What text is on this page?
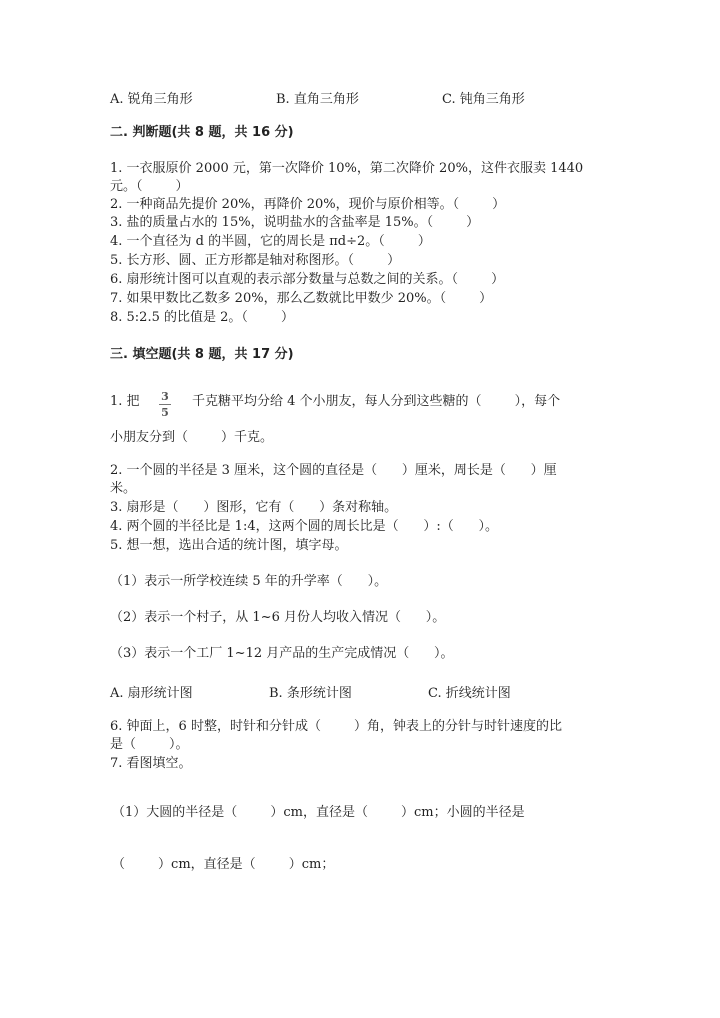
A. 锐角三角形	B. 直角三角形	C. 钝角三角形
二. 判断题(共 8 题，共 16 分)
1. 一衣服原价 2000 元，第一次降价 10%，第二次降价 20%，这件衣服卖 1440
元。（        ）
2. 一种商品先提价 20%，再降价 20%，现价与原价相等。（        ）
3. 盐的质量占水的 15%，说明盐水的含盐率是 15%。（        ）
4. 一个直径为 d 的半圆，它的周长是 πd÷2。（        ）
5. 长方形、圆、正方形都是轴对称图形。（        ）
6. 扇形统计图可以直观的表示部分数量与总数之间的关系。（        ）
7. 如果甲数比乙数多 20%，那么乙数就比甲数少 20%。（        ）
8. 5:2.5 的比值是 2。（        ）
三. 填空题(共 8 题，共 17 分)
1. 把 3
5
千克糖平均分给 4 个小朋友，每人分到这些糖的（        ），每个
小朋友分到（        ）千克。
2. 一个圆的半径是 3 厘米，这个圆的直径是（      ）厘米，周长是（      ）厘
米。
3. 扇形是（      ）图形，它有（      ）条对称轴。
4. 两个圆的半径比是 1:4，这两个圆的周长比是（      ）:（      ）。
5. 想一想，选出合适的统计图，填字母。
（1）表示一所学校连续 5 年的升学率（      ）。
（2）表示一个村子，从 1~6 月份人均收入情况（      ）。
（3）表示一个工厂 1~12 月产品的生产完成情况（      ）。
A. 扇形统计图	B. 条形统计图	C. 折线统计图
6. 钟面上，6 时整，时针和分针成（        ）角，钟表上的分针与时针速度的比
是（        ）。
7. 看图填空。
（1）大圆的半径是（        ）cm，直径是（        ）cm；小圆的半径是
（        ）cm，直径是（        ）cm；
